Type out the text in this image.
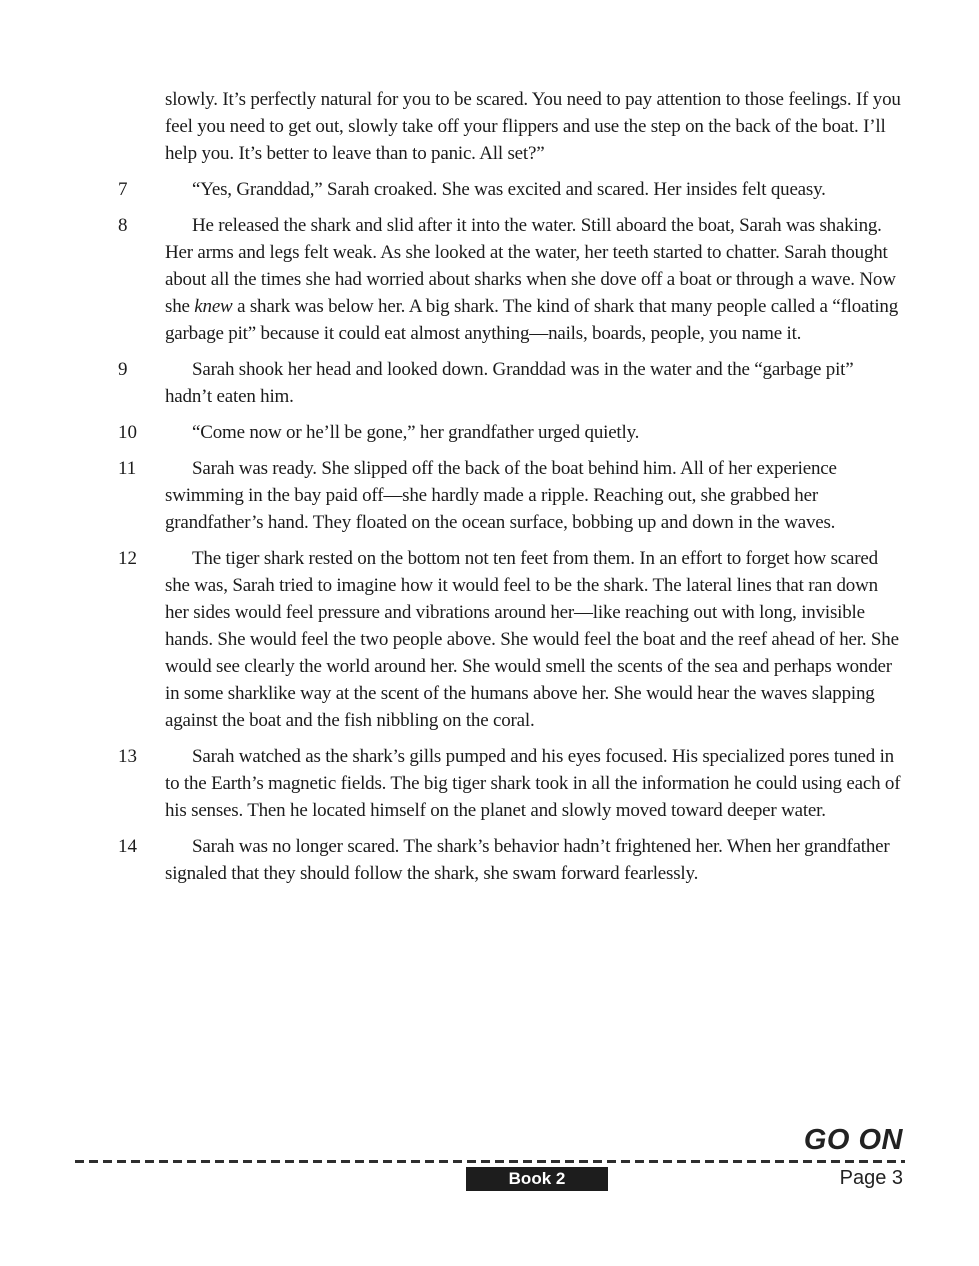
slowly. It’s perfectly natural for you to be scared. You need to pay attention to those feelings. If you feel you need to get out, slowly take off your flippers and use the step on the back of the boat. I’ll help you. It’s better to leave than to panic. All set?”
7	“Yes, Granddad,” Sarah croaked. She was excited and scared. Her insides felt queasy.
8	He released the shark and slid after it into the water. Still aboard the boat, Sarah was shaking. Her arms and legs felt weak. As she looked at the water, her teeth started to chatter. Sarah thought about all the times she had worried about sharks when she dove off a boat or through a wave. Now she knew a shark was below her. A big shark. The kind of shark that many people called a “floating garbage pit” because it could eat almost anything—nails, boards, people, you name it.
9	Sarah shook her head and looked down. Granddad was in the water and the “garbage pit” hadn’t eaten him.
10	“Come now or he’ll be gone,” her grandfather urged quietly.
11	Sarah was ready. She slipped off the back of the boat behind him. All of her experience swimming in the bay paid off—she hardly made a ripple. Reaching out, she grabbed her grandfather’s hand. They floated on the ocean surface, bobbing up and down in the waves.
12	The tiger shark rested on the bottom not ten feet from them. In an effort to forget how scared she was, Sarah tried to imagine how it would feel to be the shark. The lateral lines that ran down her sides would feel pressure and vibrations around her—like reaching out with long, invisible hands. She would feel the two people above. She would feel the boat and the reef ahead of her. She would see clearly the world around her. She would smell the scents of the sea and perhaps wonder in some sharklike way at the scent of the humans above her. She would hear the waves slapping against the boat and the fish nibbling on the coral.
13	Sarah watched as the shark’s gills pumped and his eyes focused. His specialized pores tuned in to the Earth’s magnetic fields. The big tiger shark took in all the information he could using each of his senses. Then he located himself on the planet and slowly moved toward deeper water.
14	Sarah was no longer scared. The shark’s behavior hadn’t frightened her. When her grandfather signaled that they should follow the shark, she swam forward fearlessly.
GO ON
Book 2	Page 3
